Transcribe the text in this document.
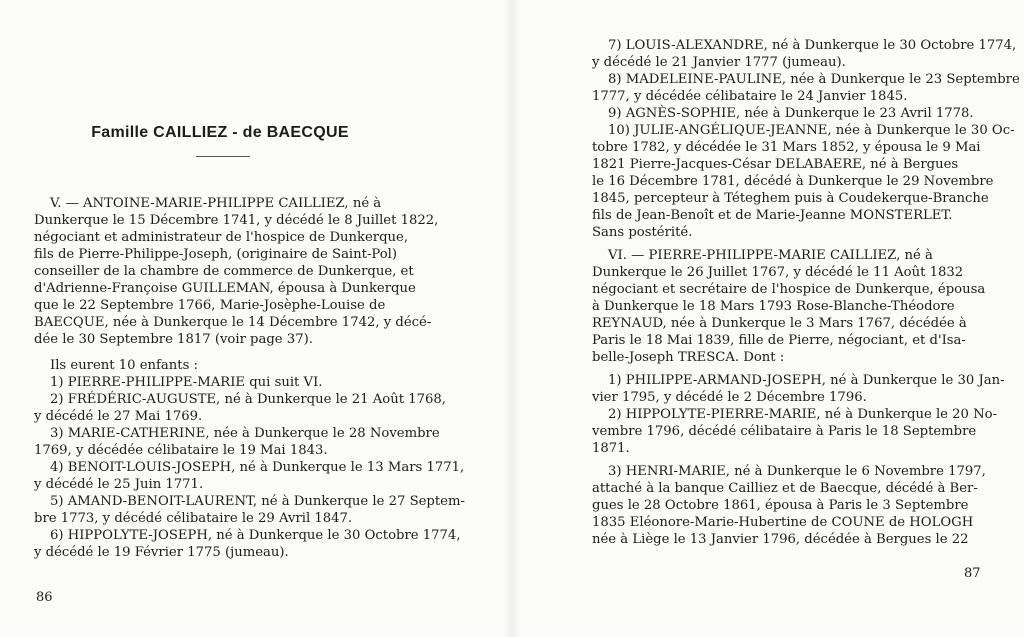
Famille CAILLIEZ - de BAECQUE
V. — ANTOINE-MARIE-PHILIPPE CAILLIEZ, né à
Dunkerque le 15 Décembre 1741, y décédé le 8 Juillet 1822,
négociant et administrateur de l'hospice de Dunkerque,
fils de Pierre-Philippe-Joseph, (originaire de Saint-Pol)
conseiller de la chambre de commerce de Dunkerque, et
d'Adrienne-Françoise GUILLEMAN, épousa à Dunkerque
que le 22 Septembre 1766, Marie-Josèphe-Louise de
BAECQUE, née à Dunkerque le 14 Décembre 1742, y décé-
dée le 30 Septembre 1817 (voir page 37).
Ils eurent 10 enfants :
1) PIERRE-PHILIPPE-MARIE qui suit VI.
2) FRÉDÉRIC-AUGUSTE, né à Dunkerque le 21 Août 1768,
y décédé le 27 Mai 1769.
3) MARIE-CATHERINE, née à Dunkerque le 28 Novembre
1769, y décédée célibataire le 19 Mai 1843.
4) BENOIT-LOUIS-JOSEPH, né à Dunkerque le 13 Mars 1771,
y décédé le 25 Juin 1771.
5) AMAND-BENOIT-LAURENT, né à Dunkerque le 27 Septem-
bre 1773, y décédé célibataire le 29 Avril 1847.
6) HIPPOLYTE-JOSEPH, né à Dunkerque le 30 Octobre 1774,
y décédé le 19 Février 1775 (jumeau).
86
7) LOUIS-ALEXANDRE, né à Dunkerque le 30 Octobre 1774,
y décédé le 21 Janvier 1777 (jumeau).
8) MADELEINE-PAULINE, née à Dunkerque le 23 Septembre
1777, y décédée célibataire le 24 Janvier 1845.
9) AGNÈS-SOPHIE, née à Dunkerque le 23 Avril 1778.
10) JULIE-ANGÉLIQUE-JEANNE, née à Dunkerque le 30 Oc-
tobre 1782, y décédée le 31 Mars 1852, y épousa le 9 Mai
1821 Pierre-Jacques-César DELABAERE, né à Bergues
le 16 Décembre 1781, décédé à Dunkerque le 29 Novembre
1845, percepteur à Téteghem puis à Coudekerque-Branche
fils de Jean-Benoît et de Marie-Jeanne MONSTERLET.
Sans postérité.
VI. — PIERRE-PHILIPPE-MARIE CAILLIEZ, né à
Dunkerque le 26 Juillet 1767, y décédé le 11 Août 1832
négociant et secrétaire de l'hospice de Dunkerque, épousa
à Dunkerque le 18 Mars 1793 Rose-Blanche-Théodore
REYNAUD, née à Dunkerque le 3 Mars 1767, décédée à
Paris le 18 Mai 1839, fille de Pierre, négociant, et d'Isa-
belle-Joseph TRESCA. Dont :
1) PHILIPPE-ARMAND-JOSEPH, né à Dunkerque le 30 Jan-
vier 1795, y décédé le 2 Décembre 1796.
2) HIPPOLYTE-PIERRE-MARIE, né à Dunkerque le 20 No-
vembre 1796, décédé célibataire à Paris le 18 Septembre
1871.
3) HENRI-MARIE, né à Dunkerque le 6 Novembre 1797,
attaché à la banque Cailliez et de Baecque, décédé à Ber-
gues le 28 Octobre 1861, épousa à Paris le 3 Septembre
1835 Eléonore-Marie-Hubertine de COUNE de HOLOGH
née à Liège le 13 Janvier 1796, décédée à Bergues le 22
87
